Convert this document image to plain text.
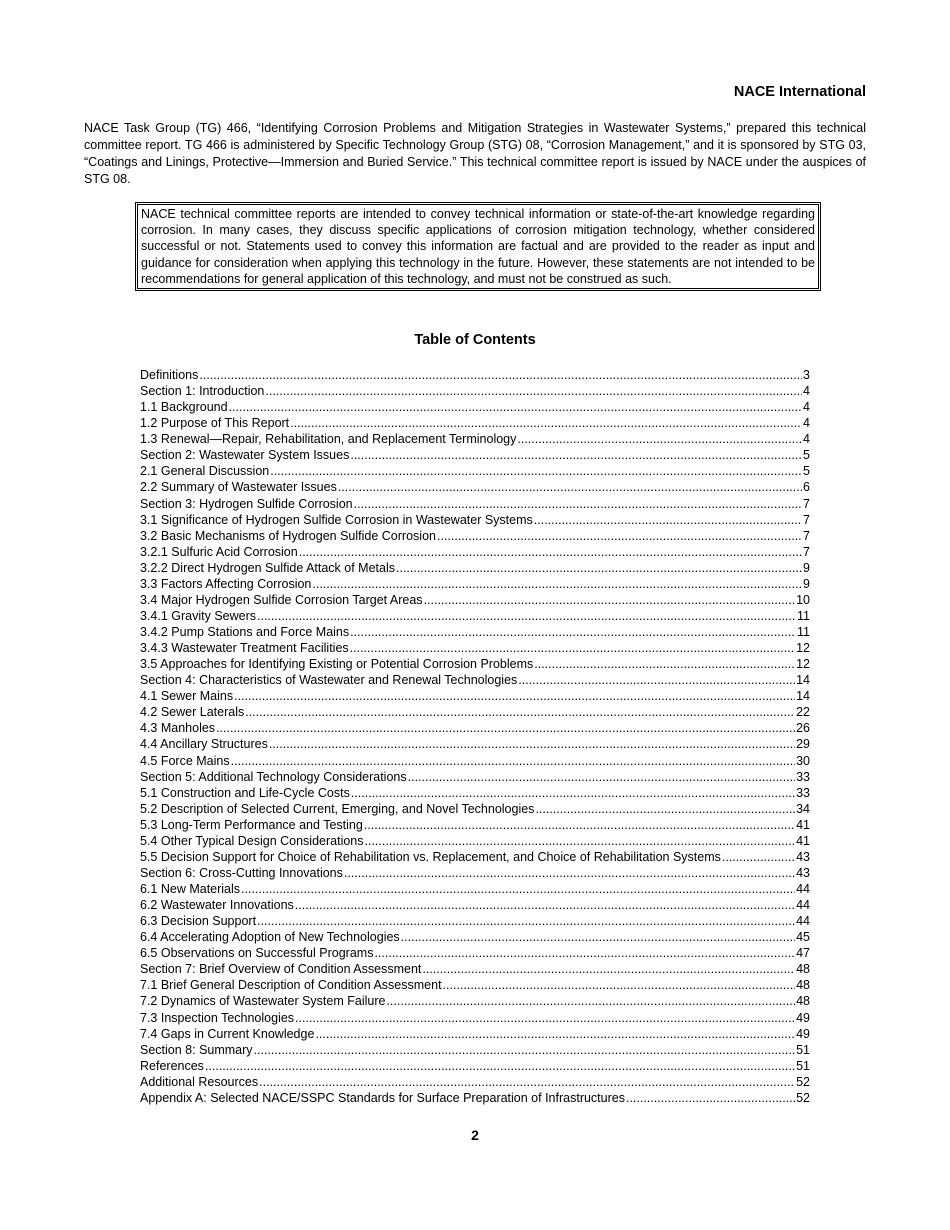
NACE International

NACE Task Group (TG) 466, “Identifying Corrosion Problems and Mitigation Strategies in Wastewater Systems,” prepared this technical committee report. TG 466 is administered by Specific Technology Group (STG) 08, “Corrosion Management,” and it is sponsored by STG 03, “Coatings and Linings, Protective—Immersion and Buried Service.” This technical committee report is issued by NACE under the auspices of STG 08.

NACE technical committee reports are intended to convey technical information or state-of-the-art knowledge regarding corrosion. In many cases, they discuss specific applications of corrosion mitigation technology, whether considered successful or not. Statements used to convey this information are factual and are provided to the reader as input and guidance for consideration when applying this technology in the future. However, these statements are not intended to be recommendations for general application of this technology, and must not be construed as such.

Table of Contents
Definitions .....	3
Section 1: Introduction .....	4
1.1 Background .....	4
1.2 Purpose of This Report .....	4
1.3 Renewal—Repair, Rehabilitation, and Replacement Terminology .....	4
Section 2: Wastewater System Issues .....	5
2.1 General Discussion .....	5
2.2 Summary of Wastewater Issues .....	6
Section 3: Hydrogen Sulfide Corrosion .....	7
3.1 Significance of Hydrogen Sulfide Corrosion in Wastewater Systems .....	7
3.2 Basic Mechanisms of Hydrogen Sulfide Corrosion .....	7
3.2.1 Sulfuric Acid Corrosion .....	7
3.2.2 Direct Hydrogen Sulfide Attack of Metals .....	9
3.3 Factors Affecting Corrosion .....	9
3.4 Major Hydrogen Sulfide Corrosion Target Areas .....	10
3.4.1 Gravity Sewers .....	11
3.4.2 Pump Stations and Force Mains .....	11
3.4.3 Wastewater Treatment Facilities .....	12
3.5 Approaches for Identifying Existing or Potential Corrosion Problems .....	12
Section 4: Characteristics of Wastewater and Renewal Technologies .....	14
4.1 Sewer Mains .....	14
4.2 Sewer Laterals .....	22
4.3 Manholes .....	26
4.4 Ancillary Structures .....	29
4.5 Force Mains .....	30
Section 5: Additional Technology Considerations .....	33
5.1 Construction and Life-Cycle Costs .....	33
5.2 Description of Selected Current, Emerging, and Novel Technologies .....	34
5.3 Long-Term Performance and Testing .....	41
5.4 Other Typical Design Considerations .....	41
5.5 Decision Support for Choice of Rehabilitation vs. Replacement, and Choice of Rehabilitation Systems .....	43
Section 6: Cross-Cutting Innovations .....	43
6.1 New Materials .....	44
6.2 Wastewater Innovations .....	44
6.3 Decision Support .....	44
6.4 Accelerating Adoption of New Technologies .....	45
6.5 Observations on Successful Programs .....	47
Section 7: Brief Overview of Condition Assessment .....	48
7.1 Brief General Description of Condition Assessment .....	48
7.2 Dynamics of Wastewater System Failure .....	48
7.3 Inspection Technologies .....	49
7.4 Gaps in Current Knowledge .....	49
Section 8: Summary .....	51
References .....	51
Additional Resources .....	52
Appendix A: Selected NACE/SSPC Standards for Surface Preparation of Infrastructures .....	52
2
